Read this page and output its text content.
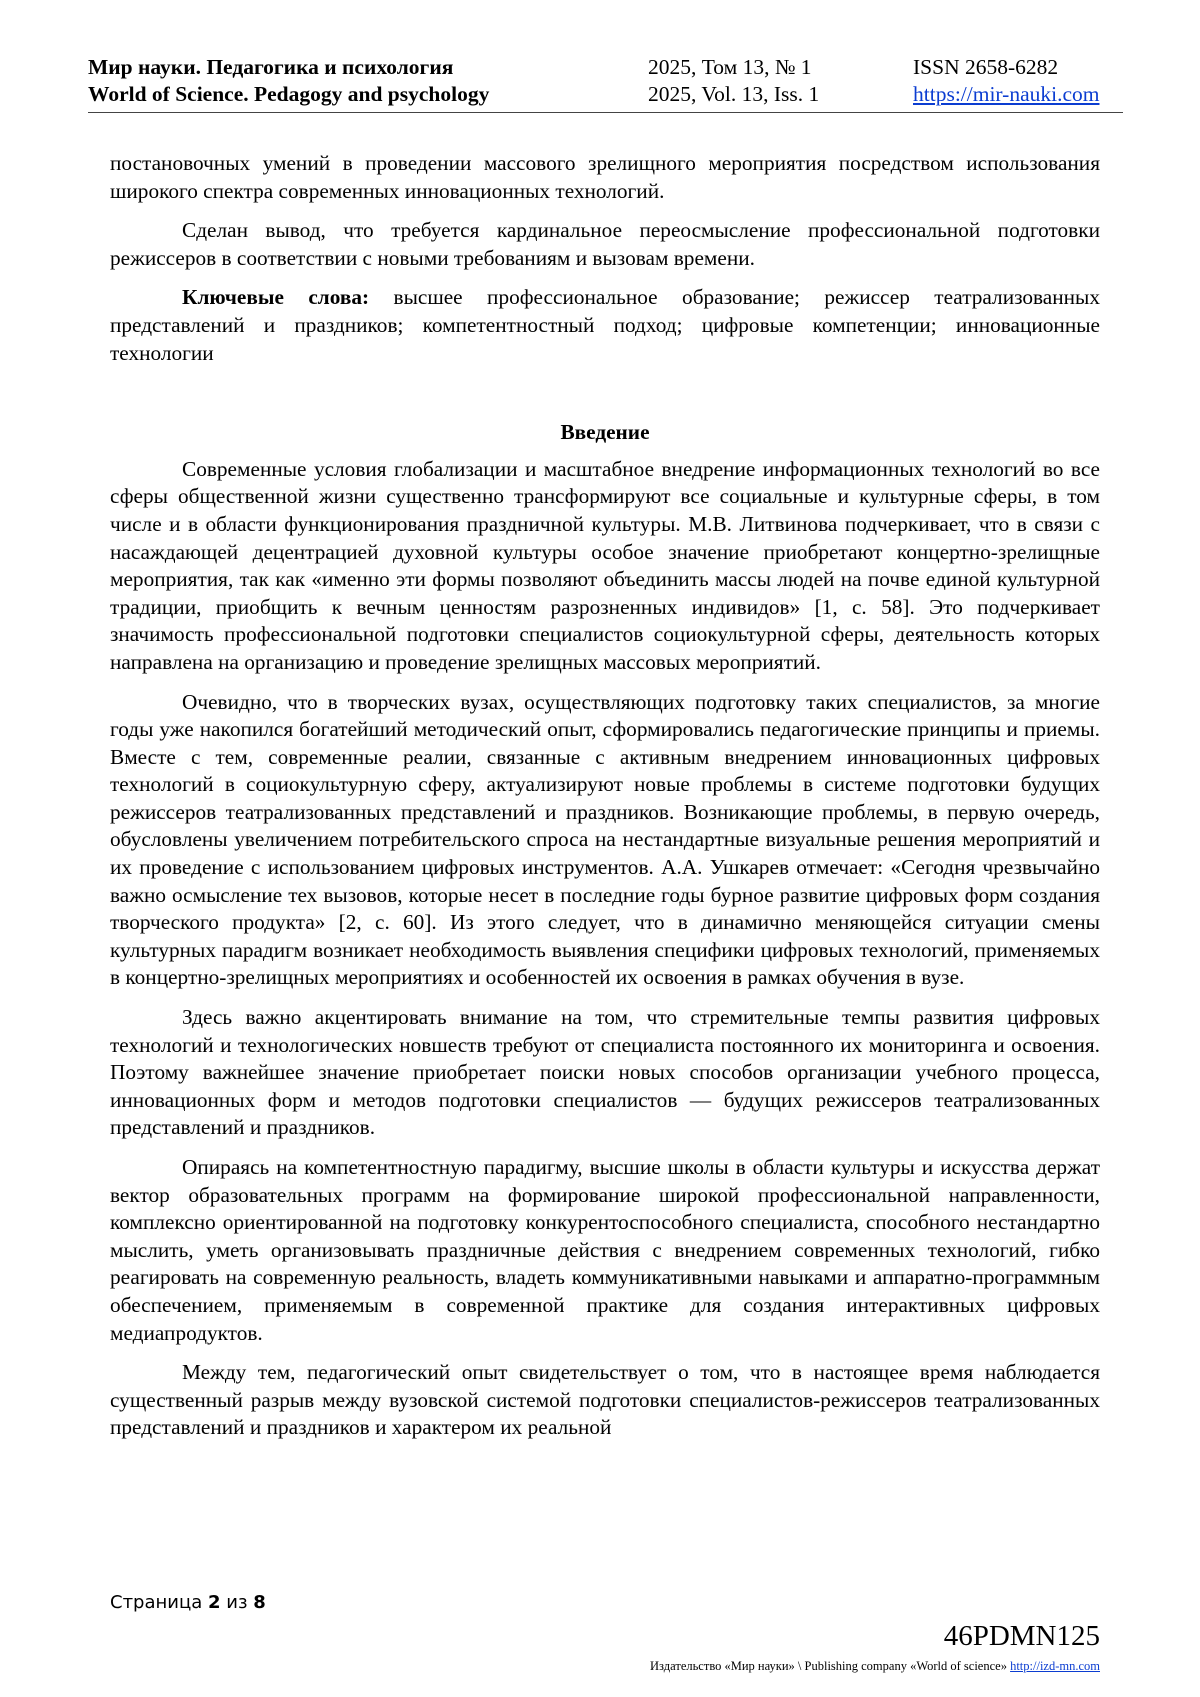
Мир науки. Педагогика и психология
World of Science. Pedagogy and psychology
2025, Том 13, № 1
2025, Vol. 13, Iss. 1
ISSN 2658-6282
https://mir-nauki.com

постановочных умений в проведении массового зрелищного мероприятия посредством использования широкого спектра современных инновационных технологий.

Сделан вывод, что требуется кардинальное переосмысление профессиональной подготовки режиссеров в соответствии с новыми требованиям и вызовам времени.

Ключевые слова: высшее профессиональное образование; режиссер театрализованных представлений и праздников; компетентностный подход; цифровые компетенции; инновационные технологии

Введение

Современные условия глобализации и масштабное внедрение информационных технологий во все сферы общественной жизни существенно трансформируют все социальные и культурные сферы, в том числе и в области функционирования праздничной культуры. М.В. Литвинова подчеркивает, что в связи с насаждающей децентрацией духовной культуры особое значение приобретают концертно-зрелищные мероприятия, так как «именно эти формы позволяют объединить массы людей на почве единой культурной традиции, приобщить к вечным ценностям разрозненных индивидов» [1, с. 58]. Это подчеркивает значимость профессиональной подготовки специалистов социокультурной сферы, деятельность которых направлена на организацию и проведение зрелищных массовых мероприятий.

Очевидно, что в творческих вузах, осуществляющих подготовку таких специалистов, за многие годы уже накопился богатейший методический опыт, сформировались педагогические принципы и приемы. Вместе с тем, современные реалии, связанные с активным внедрением инновационных цифровых технологий в социокультурную сферу, актуализируют новые проблемы в системе подготовки будущих режиссеров театрализованных представлений и праздников. Возникающие проблемы, в первую очередь, обусловлены увеличением потребительского спроса на нестандартные визуальные решения мероприятий и их проведение с использованием цифровых инструментов. А.А. Ушкарев отмечает: «Сегодня чрезвычайно важно осмысление тех вызовов, которые несет в последние годы бурное развитие цифровых форм создания творческого продукта» [2, с. 60]. Из этого следует, что в динамично меняющейся ситуации смены культурных парадигм возникает необходимость выявления специфики цифровых технологий, применяемых в концертно-зрелищных мероприятиях и особенностей их освоения в рамках обучения в вузе.

Здесь важно акцентировать внимание на том, что стремительные темпы развития цифровых технологий и технологических новшеств требуют от специалиста постоянного их мониторинга и освоения. Поэтому важнейшее значение приобретает поиски новых способов организации учебного процесса, инновационных форм и методов подготовки специалистов — будущих режиссеров театрализованных представлений и праздников.

Опираясь на компетентностную парадигму, высшие школы в области культуры и искусства держат вектор образовательных программ на формирование широкой профессиональной направленности, комплексно ориентированной на подготовку конкурентоспособного специалиста, способного нестандартно мыслить, уметь организовывать праздничные действия с внедрением современных технологий, гибко реагировать на современную реальность, владеть коммуникативными навыками и аппаратно-программным обеспечением, применяемым в современной практике для создания интерактивных цифровых медиапродуктов.

Между тем, педагогический опыт свидетельствует о том, что в настоящее время наблюдается существенный разрыв между вузовской системой подготовки специалистов-режиссеров театрализованных представлений и праздников и характером их реальной

Страница 2 из 8
46PDMN125
Издательство «Мир науки» \ Publishing company «World of science» http://izd-mn.com
